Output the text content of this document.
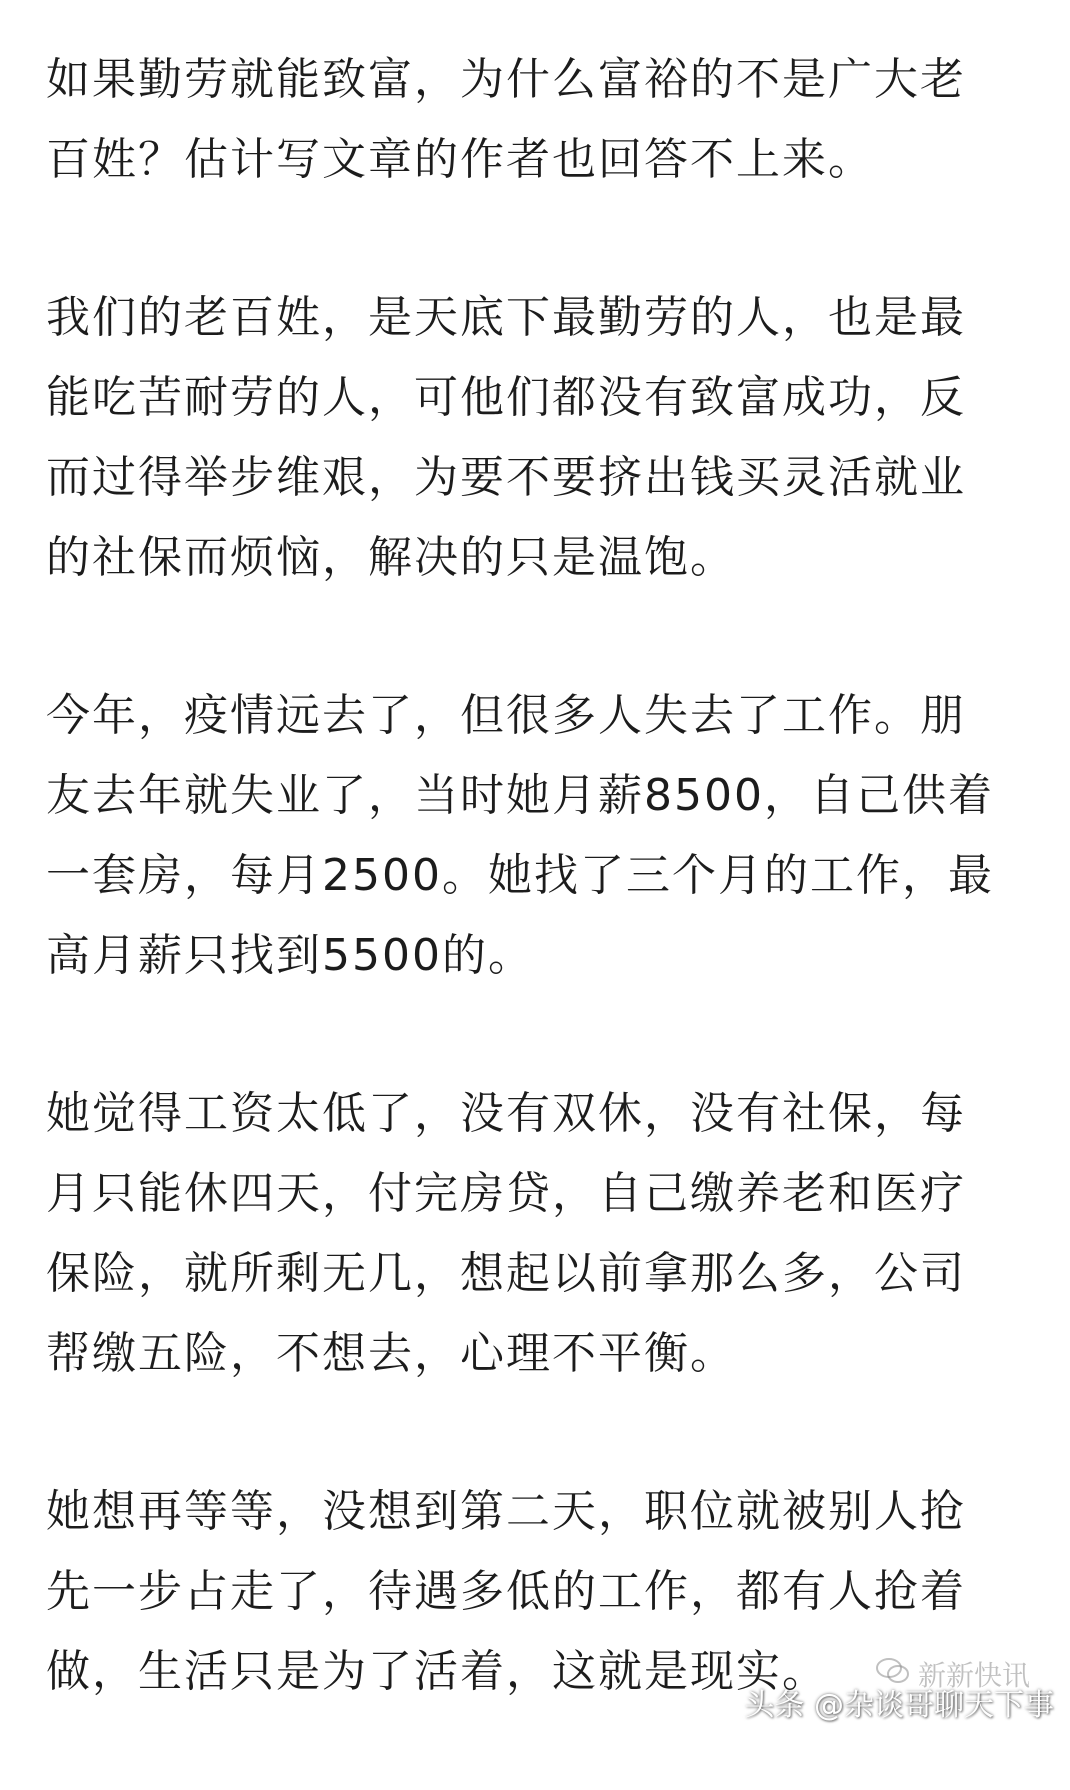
如果勤劳就能致富，为什么富裕的不是广大老
百姓？估计写文章的作者也回答不上来。

我们的老百姓，是天底下最勤劳的人，也是最
能吃苦耐劳的人，可他们都没有致富成功，反
而过得举步维艰，为要不要挤出钱买灵活就业
的社保而烦恼，解决的只是温饱。

今年，疫情远去了，但很多人失去了工作。朋
友去年就失业了，当时她月薪8500，自己供着
一套房，每月2500。她找了三个月的工作，最
高月薪只找到5500的。

她觉得工资太低了，没有双休，没有社保，每
月只能休四天，付完房贷，自己缴养老和医疗
保险，就所剩无几，想起以前拿那么多，公司
帮缴五险，不想去，心理不平衡。

她想再等等，没想到第二天，职位就被别人抢
先一步占走了，待遇多低的工作，都有人抢着
做，生活只是为了活着，这就是现实。	新新快讯
头条 @杂谈哥聊天下事
